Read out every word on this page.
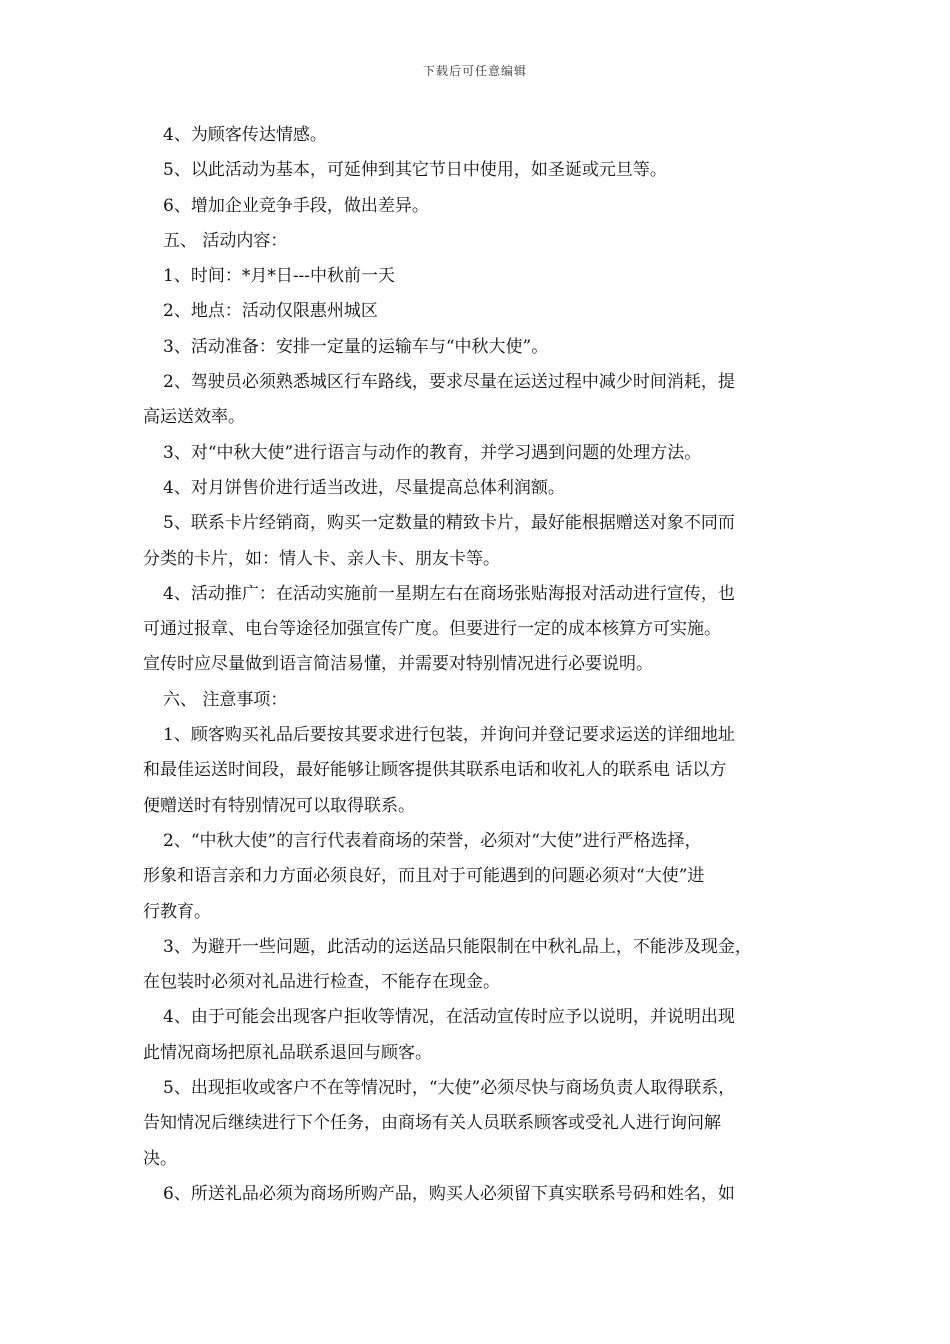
下载后可任意编辑
4、为顾客传达情感。
5、以此活动为基本，可延伸到其它节日中使用，如圣诞或元旦等。
6、增加企业竞争手段，做出差异。
五、 活动内容：
1、时间：*月*日---中秋前一天
2、地点：活动仅限惠州城区
3、活动准备：安排一定量的运输车与“中秋大使”。
2、驾驶员必须熟悉城区行车路线，要求尽量在运送过程中减少时间消耗，提
高运送效率。
3、对“中秋大使”进行语言与动作的教育，并学习遇到问题的处理方法。
4、对月饼售价进行适当改进，尽量提高总体利润额。
5、联系卡片经销商，购买一定数量的精致卡片，最好能根据赠送对象不同而
分类的卡片，如：情人卡、亲人卡、朋友卡等。
4、活动推广：在活动实施前一星期左右在商场张贴海报对活动进行宣传，也
可通过报章、电台等途径加强宣传广度。但要进行一定的成本核算方可实施。
宣传时应尽量做到语言简洁易懂，并需要对特别情况进行必要说明。
六、 注意事项：
1、顾客购买礼品后要按其要求进行包装，并询问并登记要求运送的详细地址
和最佳运送时间段，最好能够让顾客提供其联系电话和收礼人的联系电 话以方
便赠送时有特别情况可以取得联系。
2、“中秋大使”的言行代表着商场的荣誉，必须对“大使”进行严格选择，
形象和语言亲和力方面必须良好，而且对于可能遇到的问题必须对“大使”进
行教育。
3、为避开一些问题，此活动的运送品只能限制在中秋礼品上，不能涉及现金，
在包装时必须对礼品进行检查，不能存在现金。
4、由于可能会出现客户拒收等情况，在活动宣传时应予以说明，并说明出现
此情况商场把原礼品联系退回与顾客。
5、出现拒收或客户不在等情况时，“大使”必须尽快与商场负责人取得联系，
告知情况后继续进行下个任务，由商场有关人员联系顾客或受礼人进行询问解
决。
6、所送礼品必须为商场所购产品，购买人必须留下真实联系号码和姓名，如
